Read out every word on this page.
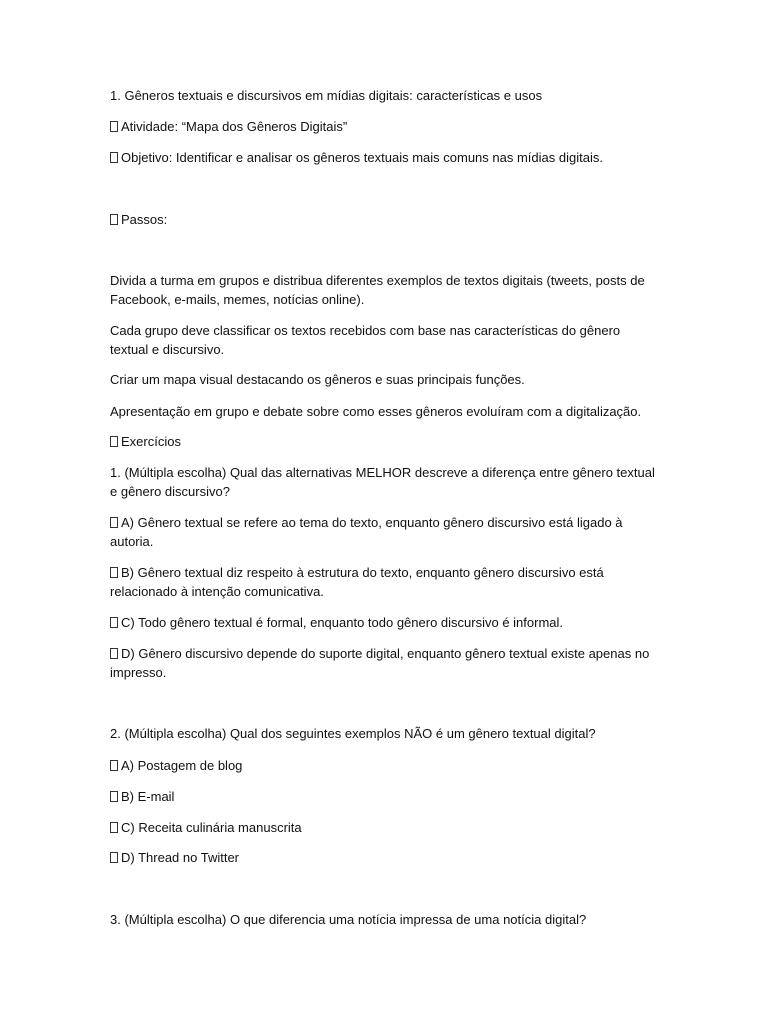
1. Gêneros textuais e discursivos em mídias digitais: características e usos

Atividade: “Mapa dos Gêneros Digitais”

Objetivo: Identificar e analisar os gêneros textuais mais comuns nas mídias digitais.

Passos:

Divida a turma em grupos e distribua diferentes exemplos de textos digitais (tweets, posts de Facebook, e-mails, memes, notícias online).

Cada grupo deve classificar os textos recebidos com base nas características do gênero textual e discursivo.

Criar um mapa visual destacando os gêneros e suas principais funções.

Apresentação em grupo e debate sobre como esses gêneros evoluíram com a digitalização.

Exercícios

1. (Múltipla escolha) Qual das alternativas MELHOR descreve a diferença entre gênero textual e gênero discursivo?

A) Gênero textual se refere ao tema do texto, enquanto gênero discursivo está ligado à autoria.

B) Gênero textual diz respeito à estrutura do texto, enquanto gênero discursivo está relacionado à intenção comunicativa.

C) Todo gênero textual é formal, enquanto todo gênero discursivo é informal.

D) Gênero discursivo depende do suporte digital, enquanto gênero textual existe apenas no impresso.

2. (Múltipla escolha) Qual dos seguintes exemplos NÃO é um gênero textual digital?

A) Postagem de blog

B) E-mail

C) Receita culinária manuscrita

D) Thread no Twitter

3. (Múltipla escolha) O que diferencia uma notícia impressa de uma notícia digital?
